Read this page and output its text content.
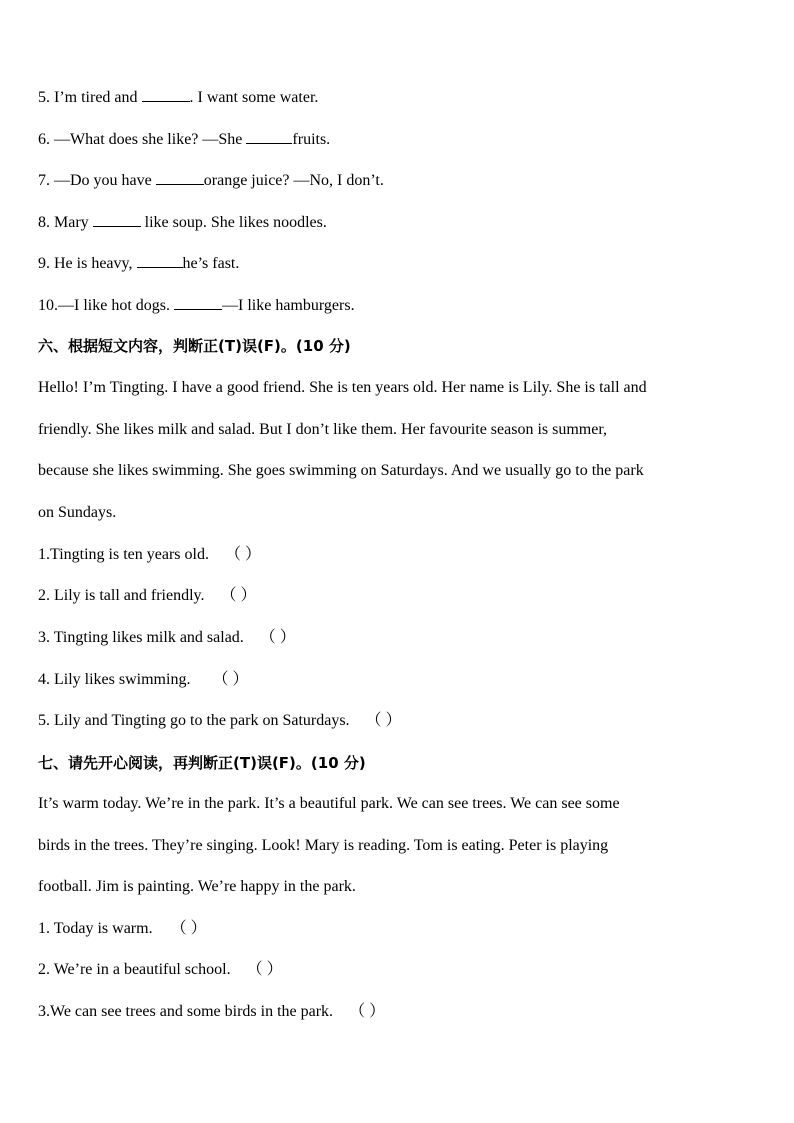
5. I’m tired and	. I want some water.
6. —What does she like? —She	fruits.
7. —Do you have	orange juice? —No, I don’t.
8. Mary	like soup. She likes noodles.
9. He is heavy,	he’s fast.
10.—I like hot dogs.	—I like hamburgers.
六、根据短文内容，判断正(T)误(F)。(10 分)
Hello! I’m Tingting. I have a good friend. She is ten years old. Her name is Lily. She is tall and
friendly. She likes milk and salad. But I don’t like them. Her favourite season is summer,
because she likes swimming. She goes swimming on Saturdays. And we usually go to the park
on Sundays.
1.Tingting is ten years old. （ ）
2. Lily is tall and friendly. （ ）
3. Tingting likes milk and salad. （ ）
4. Lily likes swimming. （ ）
5. Lily and Tingting go to the park on Saturdays. （ ）
七、请先开心阅读，再判断正(T)误(F)。(10 分)
It’s warm today. We’re in the park. It’s a beautiful park. We can see trees. We can see some
birds in the trees. They’re singing. Look! Mary is reading. Tom is eating. Peter is playing
football. Jim is painting. We’re happy in the park.
1. Today is warm. （ ）
2. We’re in a beautiful school. （ ）
3.We can see trees and some birds in the park. （ ）
